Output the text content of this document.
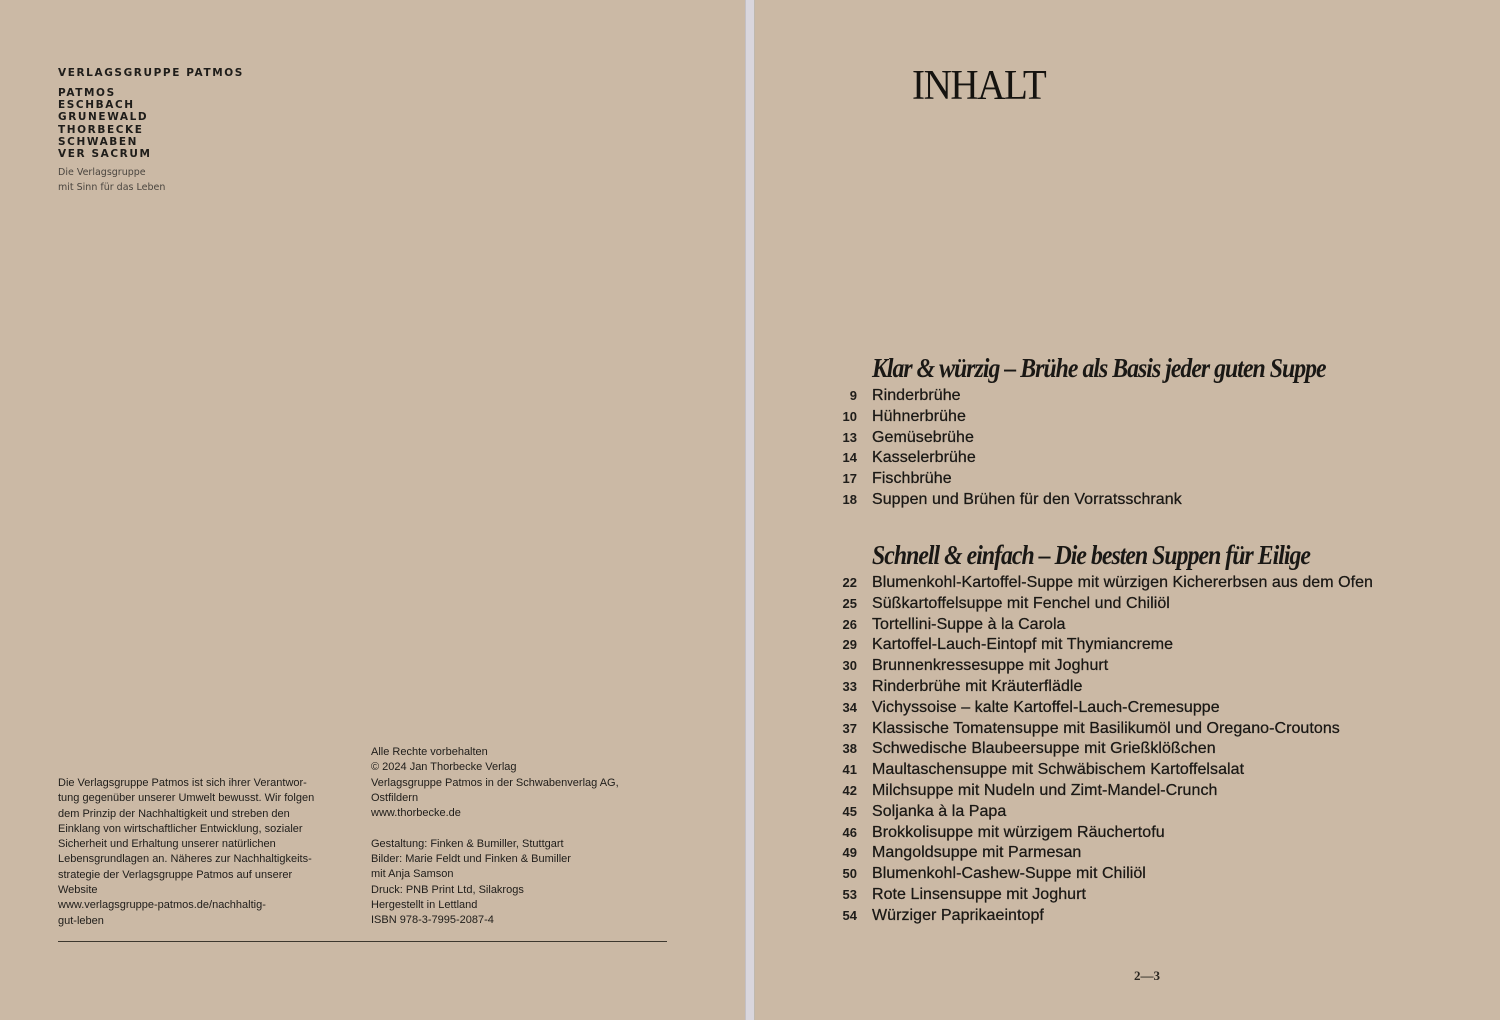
VERLAGSGRUPPE PATMOS
PATMOS
ESCHBACH
GRUNEWALD
THORBECKE
SCHWABEN
VER SACRUM
Die Verlagsgruppe
mit Sinn für das Leben
Die Verlagsgruppe Patmos ist sich ihrer Verantwor-
tung gegenüber unserer Umwelt bewusst. Wir folgen
dem Prinzip der Nachhaltigkeit und streben den
Einklang von wirtschaftlicher Entwicklung, sozialer
Sicherheit und Erhaltung unserer natürlichen
Lebensgrundlagen an. Näheres zur Nachhaltigkeits-
strategie der Verlagsgruppe Patmos auf unserer
Website
www.verlagsgruppe-patmos.de/nachhaltig-
gut-leben
Alle Rechte vorbehalten
© 2024 Jan Thorbecke Verlag
Verlagsgruppe Patmos in der Schwabenverlag AG,
Ostfildern
www.thorbecke.de
Gestaltung: Finken & Bumiller, Stuttgart
Bilder: Marie Feldt und Finken & Bumiller
mit Anja Samson
Druck: PNB Print Ltd, Silakrogs
Hergestellt in Lettland
ISBN 978-3-7995-2087-4
INHALT
Klar & würzig – Brühe als Basis jeder guten Suppe
9 Rinderbrühe
10 Hühnerbrühe
13 Gemüsebrühe
14 Kasselerbrühe
17 Fischbrühe
18 Suppen und Brühen für den Vorratsschrank
Schnell & einfach – Die besten Suppen für Eilige
22 Blumenkohl-Kartoffel-Suppe mit würzigen Kichererbsen aus dem Ofen
25 Süßkartoffelsuppe mit Fenchel und Chiliöl
26 Tortellini-Suppe à la Carola
29 Kartoffel-Lauch-Eintopf mit Thymiancreme
30 Brunnenkressesuppe mit Joghurt
33 Rinderbrühe mit Kräuterflädle
34 Vichyssoise – kalte Kartoffel-Lauch-Cremesuppe
37 Klassische Tomatensuppe mit Basilikumöl und Oregano-Croutons
38 Schwedische Blaubeersuppe mit Grießklößchen
41 Maultaschensuppe mit Schwäbischem Kartoffelsalat
42 Milchsuppe mit Nudeln und Zimt-Mandel-Crunch
45 Soljanka à la Papa
46 Brokkolisuppe mit würzigem Räuchertofu
49 Mangoldsuppe mit Parmesan
50 Blumenkohl-Cashew-Suppe mit Chiliöl
53 Rote Linsensuppe mit Joghurt
54 Würziger Paprikaeintopf
2—3
